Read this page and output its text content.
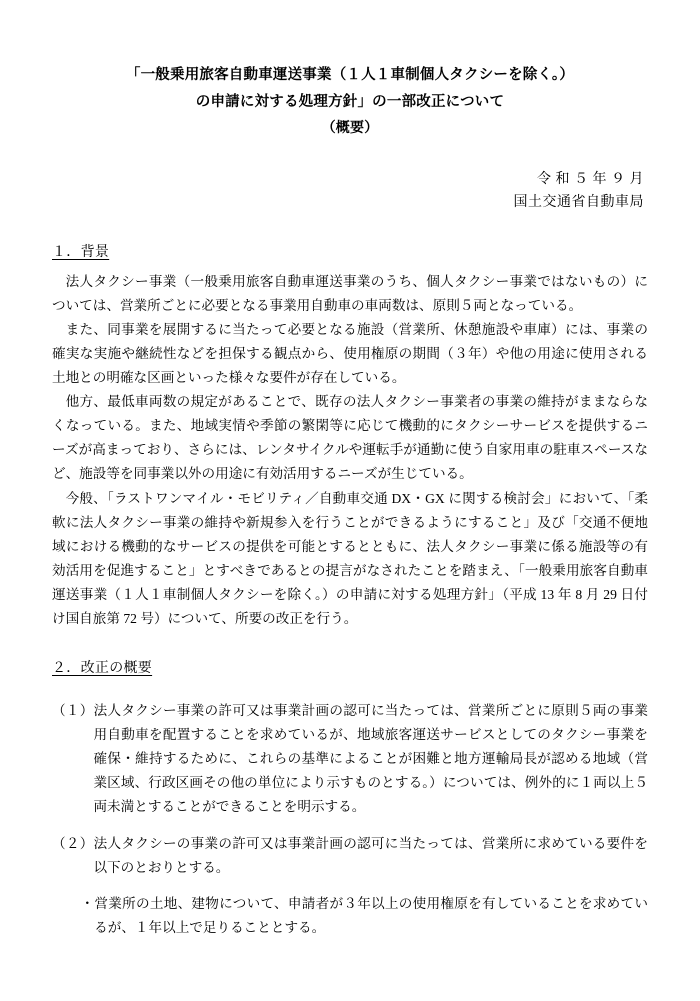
「一般乗用旅客自動車運送事業（１人１車制個人タクシーを除く。）
の申請に対する処理方針」の一部改正について
（概要）
令 和 ５ 年 ９ 月
国土交通省自動車局
１．背景

法人タクシー事業（一般乗用旅客自動車運送事業のうち、個人タクシー事業ではないもの）については、営業所ごとに必要となる事業用自動車の車両数は、原則５両となっている。

また、同事業を展開するに当たって必要となる施設（営業所、休憩施設や車庫）には、事業の確実な実施や継続性などを担保する観点から、使用権原の期間（３年）や他の用途に使用される土地との明確な区画といった様々な要件が存在している。

他方、最低車両数の規定があることで、既存の法人タクシー事業者の事業の維持がままならなくなっている。また、地域実情や季節の繁閑等に応じて機動的にタクシーサービスを提供するニーズが高まっており、さらには、レンタサイクルや運転手が通勤に使う自家用車の駐車スペースなど、施設等を同事業以外の用途に有効活用するニーズが生じている。

今般、「ラストワンマイル・モビリティ／自動車交通 DX・GX に関する検討会」において、「柔軟に法人タクシー事業の維持や新規参入を行うことができるようにすること」及び「交通不便地域における機動的なサービスの提供を可能とするとともに、法人タクシー事業に係る施設等の有効活用を促進すること」とすべきであるとの提言がなされたことを踏まえ、「一般乗用旅客自動車運送事業（１人１車制個人タクシーを除く。）の申請に対する処理方針」（平成 13 年 8 月 29 日付け国自旅第 72 号）について、所要の改正を行う。

２．改正の概要

（１）法人タクシー事業の許可又は事業計画の認可に当たっては、営業所ごとに原則５両の事業用自動車を配置することを求めているが、地域旅客運送サービスとしてのタクシー事業を確保・維持するために、これらの基準によることが困難と地方運輸局長が認める地域（営業区域、行政区画その他の単位により示すものとする。）については、例外的に１両以上５両未満とすることができることを明示する。

（２）法人タクシーの事業の許可又は事業計画の認可に当たっては、営業所に求めている要件を以下のとおりとする。

・営業所の土地、建物について、申請者が３年以上の使用権原を有していることを求めているが、１年以上で足りることとする。
